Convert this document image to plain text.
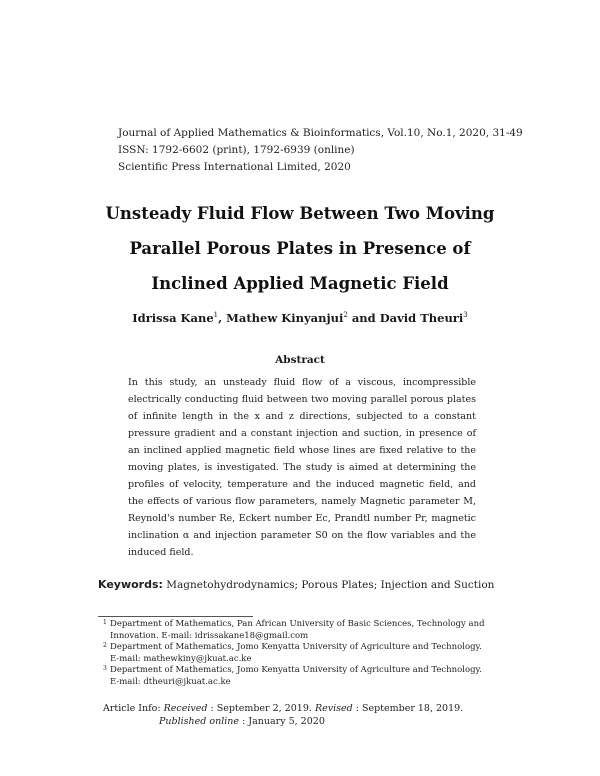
Journal of Applied Mathematics & Bioinformatics, Vol.10, No.1, 2020, 31-49
ISSN: 1792-6602 (print), 1792-6939 (online)
Scientific Press International Limited, 2020
Unsteady Fluid Flow Between Two Moving
Parallel Porous Plates in Presence of
Inclined Applied Magnetic Field
Idrissa Kane$^1$, Mathew Kinyanjui$^2$ and David Theuri$^3$
Abstract
In this study, an unsteady fluid flow of a viscous, incompressible electrically conducting fluid between two moving parallel porous plates of infinite length in the x and z directions, subjected to a constant pressure gradient and a constant injection and suction, in presence of an inclined applied magnetic field whose lines are fixed relative to the moving plates, is investigated. The study is aimed at determining the profiles of velocity, temperature and the induced magnetic field, and the effects of various flow parameters, namely Magnetic parameter M, Reynold's number Re, Eckert number Ec, Prandtl number Pr, magnetic inclination α and injection parameter S0 on the flow variables and the induced field.
Keywords: Magnetohydrodynamics; Porous Plates; Injection and Suction
1 Department of Mathematics, Pan African University of Basic Sciences, Technology and
Innovation. E-mail: idrissakane18@gmail.com
2 Department of Mathematics, Jomo Kenyatta University of Agriculture and Technology.
E-mail: mathewkiny@jkuat.ac.ke
3 Department of Mathematics, Jomo Kenyatta University of Agriculture and Technology.
E-mail: dtheuri@jkuat.ac.ke
Article Info: Received : September 2, 2019. Revised : September 18, 2019.
Published online : January 5, 2020
